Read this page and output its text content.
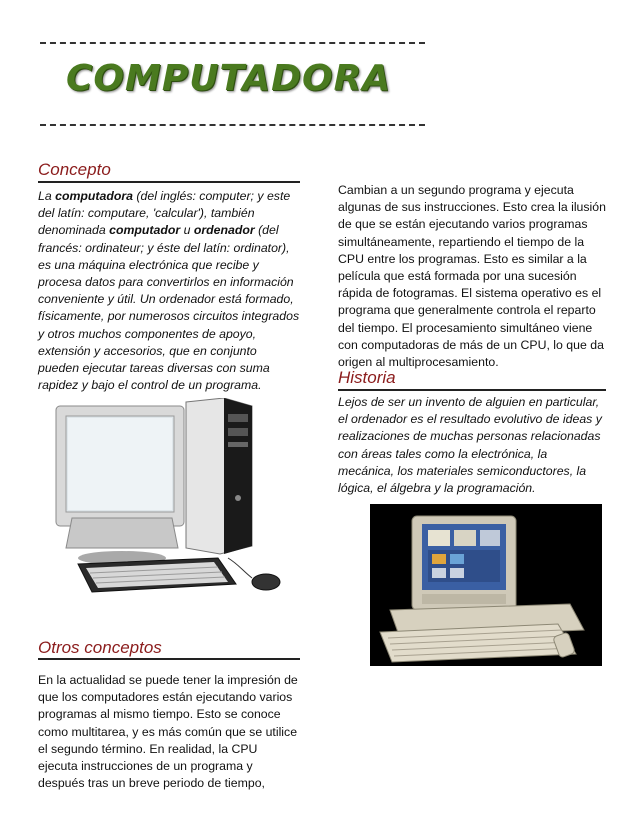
COMPUTADORA
Concepto
La computadora (del inglés: computer; y este del latín: computare, 'calcular'), también denominada computador u ordenador (del francés: ordinateur; y éste del latín: ordinator), es una máquina electrónica que recibe y procesa datos para convertirlos en información conveniente y útil. Un ordenador está formado, físicamente, por numerosos circuitos integrados y otros muchos componentes de apoyo, extensión y accesorios, que en conjunto pueden ejecutar tareas diversas con suma rapidez y bajo el control de un programa.
Otros conceptos
En la actualidad se puede tener la impresión de que los computadores están ejecutando varios programas al mismo tiempo. Esto se conoce como multitarea, y es más común que se utilice el segundo término. En realidad, la CPU ejecuta instrucciones de un programa y después tras un breve periodo de tiempo,
Cambian a un segundo programa y ejecuta algunas de sus instrucciones. Esto crea la ilusión de que se están ejecutando varios programas simultáneamente, repartiendo el tiempo de la CPU entre los programas. Esto es similar a la película que está formada por una sucesión rápida de fotogramas. El sistema operativo es el programa que generalmente controla el reparto del tiempo. El procesamiento simultáneo viene con computadoras de más de un CPU, lo que da origen al multiprocesamiento.
Historia
Lejos de ser un invento de alguien en particular, el ordenador es el resultado evolutivo de ideas y realizaciones de muchas personas relacionadas con áreas tales como la electrónica, la mecánica, los materiales semiconductores, la lógica, el álgebra y la programación.
